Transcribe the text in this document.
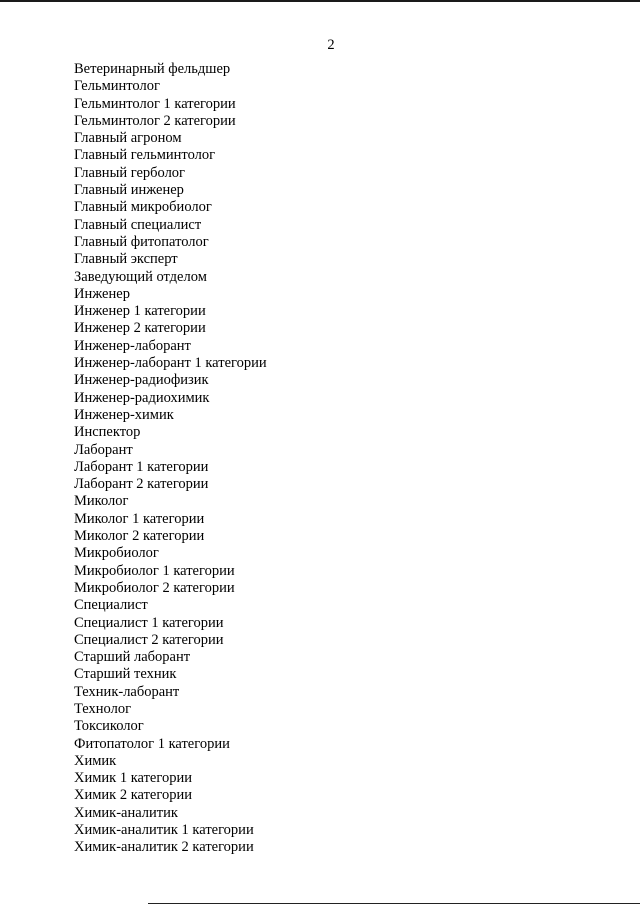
2
Ветеринарный фельдшер
Гельминтолог
Гельминтолог 1 категории
Гельминтолог 2 категории
Главный агроном
Главный гельминтолог
Главный герболог
Главный инженер
Главный микробиолог
Главный специалист
Главный фитопатолог
Главный эксперт
Заведующий отделом
Инженер
Инженер 1 категории
Инженер 2 категории
Инженер-лаборант
Инженер-лаборант 1 категории
Инженер-радиофизик
Инженер-радиохимик
Инженер-химик
Инспектор
Лаборант
Лаборант 1 категории
Лаборант 2 категории
Миколог
Миколог 1 категории
Миколог 2 категории
Микробиолог
Микробиолог 1 категории
Микробиолог 2 категории
Специалист
Специалист 1 категории
Специалист 2 категории
Старший лаборант
Старший техник
Техник-лаборант
Технолог
Токсиколог
Фитопатолог 1 категории
Химик
Химик 1 категории
Химик 2 категории
Химик-аналитик
Химик-аналитик 1 категории
Химик-аналитик 2 категории
